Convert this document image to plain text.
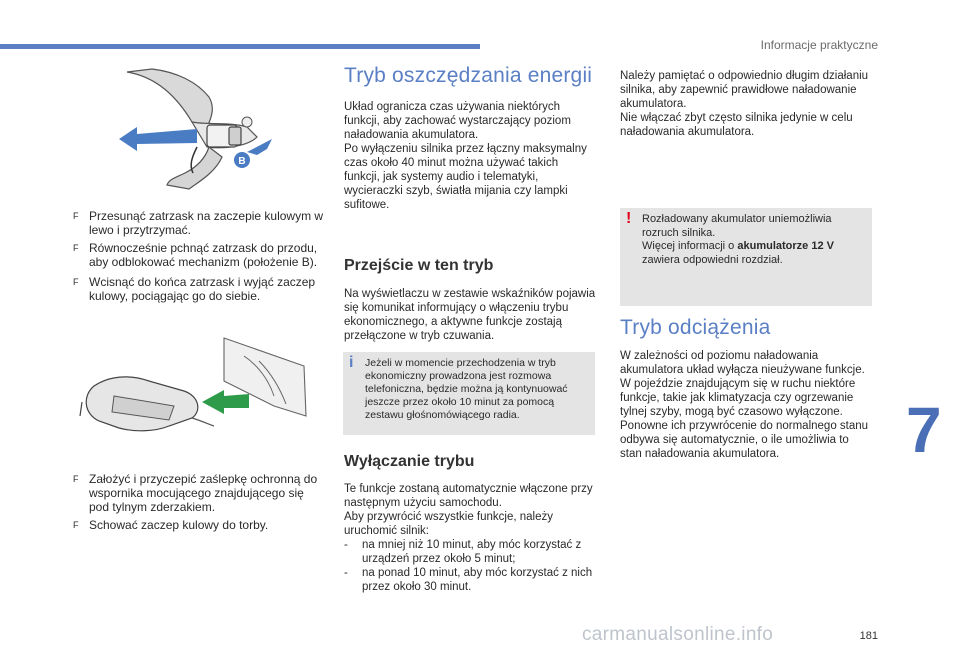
Informacje praktyczne
B
F Przesunąć zatrzask na zaczepie kulowym w lewo i przytrzymać.
F Równocześnie pchnąć zatrzask do przodu, aby odblokować mechanizm (położenie B).
F Wcisnąć do końca zatrzask i wyjąć zaczep kulowy, pociągając go do siebie.
F Założyć i przyczepić zaślepkę ochronną do wspornika mocującego znajdującego się pod tylnym zderzakiem.
F Schować zaczep kulowy do torby.
Tryb oszczędzania energii

Układ ogranicza czas używania niektórych funkcji, aby zachować wystarczający poziom naładowania akumulatora.
Po wyłączeniu silnika przez łączny maksymalny czas około 40 minut można używać takich funkcji, jak systemy audio i telematyki, wycieraczki szyb, światła mijania czy lampki sufitowe.

Przejście w ten tryb

Na wyświetlaczu w zestawie wskaźników pojawia się komunikat informujący o włączeniu trybu ekonomicznego, a aktywne funkcje zostają przełączone w tryb czuwania.

i Jeżeli w momencie przechodzenia w tryb ekonomiczny prowadzona jest rozmowa telefoniczna, będzie można ją kontynuować jeszcze przez około 10 minut za pomocą zestawu głośnomówiącego radia.
Wyłączanie trybu
Te funkcje zostaną automatycznie włączone przy następnym użyciu samochodu.
Aby przywrócić wszystkie funkcje, należy uruchomić silnik:
- na mniej niż 10 minut, aby móc korzystać z urządzeń przez około 5 minut;
- na ponad 10 minut, aby móc korzystać z nich przez około 30 minut.

Należy pamiętać o odpowiednio długim działaniu silnika, aby zapewnić prawidłowe naładowanie akumulatora.
Nie włączać zbyt często silnika jedynie w celu naładowania akumulatora.

! Rozładowany akumulator uniemożliwia rozruch silnika.
Więcej informacji o akumulatorze 12 V zawiera odpowiedni rozdział.
Tryb odciążenia

W zależności od poziomu naładowania akumulatora układ wyłącza nieużywane funkcje.
W pojeździe znajdującym się w ruchu niektóre funkcje, takie jak klimatyzacja czy ogrzewanie tylnej szyby, mogą być czasowo wyłączone.
Ponowne ich przywrócenie do normalnego stanu odbywa się automatycznie, o ile umożliwia to stan naładowania akumulatora.	7
181
carmanualsonline.info
